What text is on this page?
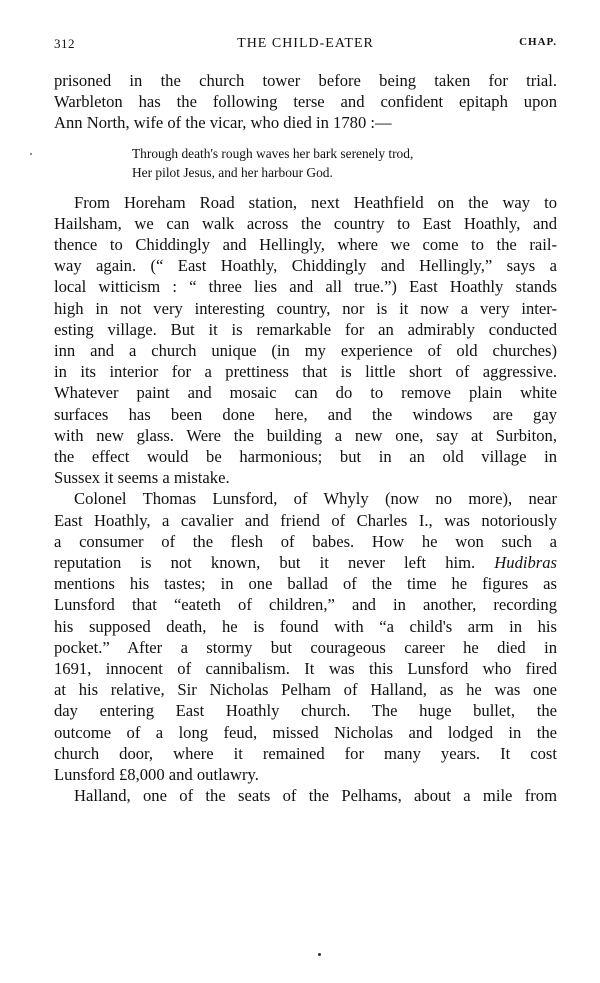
312	THE CHILD-EATER	CHAP.
prisoned in the church tower before being taken for trial.
Warbleton has the following terse and confident epitaph upon
Ann North, wife of the vicar, who died in 1780 :—
Through death's rough waves her bark serenely trod,
Her pilot Jesus, and her harbour God.
From Horeham Road station, next Heathfield on the way to
Hailsham, we can walk across the country to East Hoathly, and
thence to Chiddingly and Hellingly, where we come to the rail-
way again. (“ East Hoathly, Chiddingly and Hellingly,” says a
local witticism : “ three lies and all true.”) East Hoathly stands
high in not very interesting country, nor is it now a very inter-
esting village. But it is remarkable for an admirably conducted
inn and a church unique (in my experience of old churches)
in its interior for a prettiness that is little short of aggressive.
Whatever paint and mosaic can do to remove plain white
surfaces has been done here, and the windows are gay
with new glass. Were the building a new one, say at Surbiton,
the effect would be harmonious; but in an old village in
Sussex it seems a mistake.
Colonel Thomas Lunsford, of Whyly (now no more), near
East Hoathly, a cavalier and friend of Charles I., was notoriously
a consumer of the flesh of babes. How he won such a
reputation is not known, but it never left him. Hudibras
mentions his tastes; in one ballad of the time he figures as
Lunsford that “eateth of children,” and in another, recording
his supposed death, he is found with “a child's arm in his
pocket.” After a stormy but courageous career he died in
1691, innocent of cannibalism. It was this Lunsford who fired
at his relative, Sir Nicholas Pelham of Halland, as he was one
day entering East Hoathly church. The huge bullet, the
outcome of a long feud, missed Nicholas and lodged in the
church door, where it remained for many years. It cost
Lunsford £8,000 and outlawry.
Halland, one of the seats of the Pelhams, about a mile from
